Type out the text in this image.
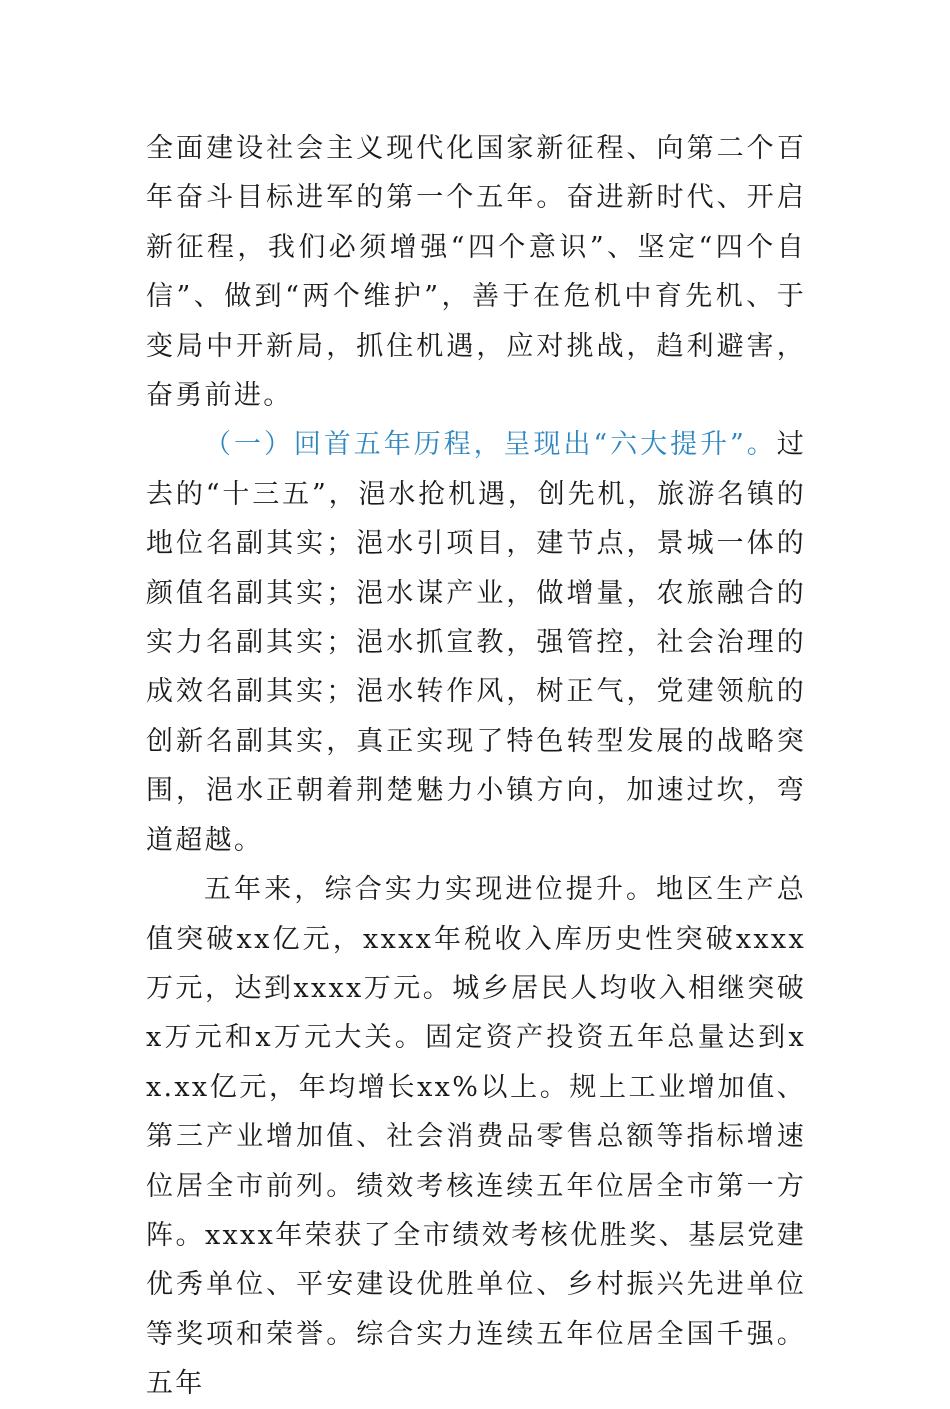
全面建设社会主义现代化国家新征程、向第二个百年奋斗目标进军的第一个五年。奋进新时代、开启新征程，我们必须增强“四个意识”、坚定“四个自信”、做到“两个维护”，善于在危机中育先机、于变局中开新局，抓住机遇，应对挑战，趋利避害，奋勇前进。

（一）回首五年历程，呈现出“六大提升”。过去的“十三五”，浥水抢机遇，创先机，旅游名镇的地位名副其实；浥水引项目，建节点，景城一体的颜值名副其实；浥水谋产业，做增量，农旅融合的实力名副其实；浥水抓宣教，强管控，社会治理的成效名副其实；浥水转作风，树正气，党建领航的创新名副其实，真正实现了特色转型发展的战略突围，浥水正朝着荆楚魅力小镇方向，加速过坎，弯道超越。

五年来，综合实力实现进位提升。地区生产总值突破xx亿元，xxxx年税收入库历史性突破xxxx万元，达到xxxx万元。城乡居民人均收入相继突破x万元和x万元大关。固定资产投资五年总量达到xx.xx亿元，年均增长xx%以上。规上工业增加值、第三产业增加值、社会消费品零售总额等指标增速位居全市前列。绩效考核连续五年位居全市第一方阵。xxxx年荣获了全市绩效考核优胜奖、基层党建优秀单位、平安建设优胜单位、乡村振兴先进单位等奖项和荣誉。综合实力连续五年位居全国千强。五年
